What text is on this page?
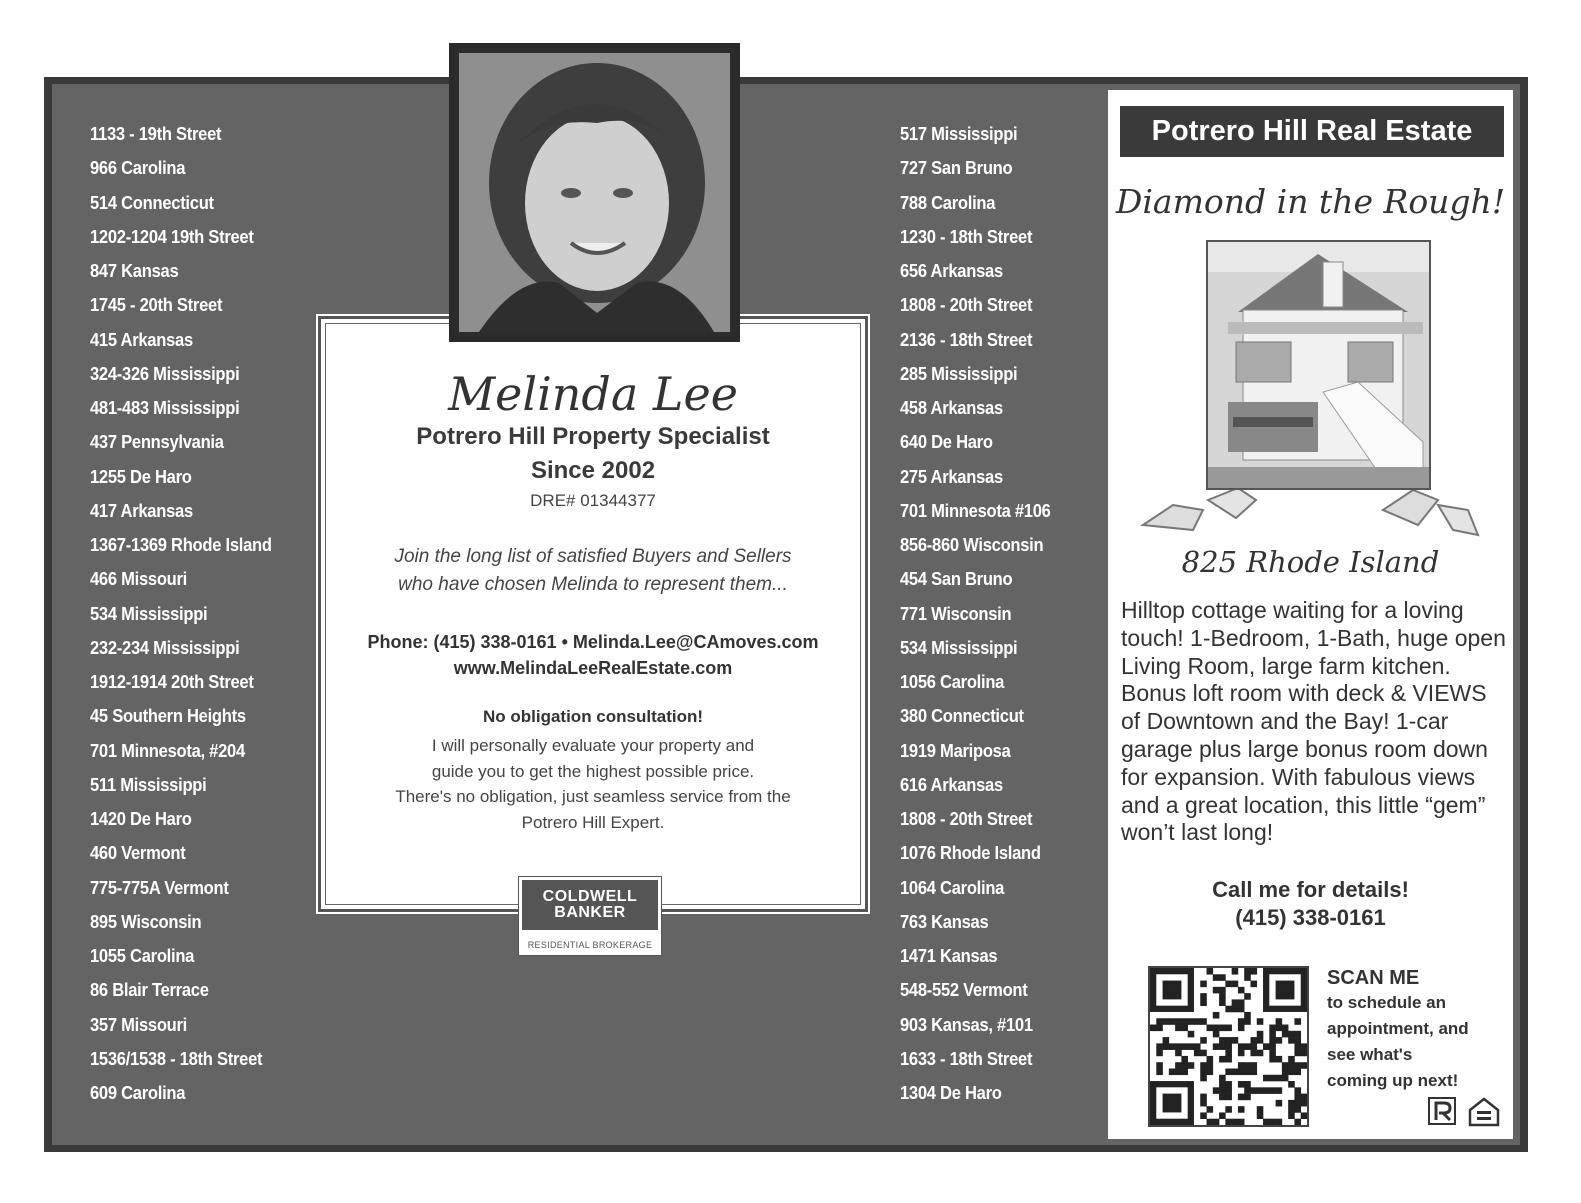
1133 - 19th Street
966 Carolina
514 Connecticut
1202-1204 19th Street
847 Kansas
1745 - 20th Street
415 Arkansas
324-326 Mississippi
481-483 Mississippi
437 Pennsylvania
1255 De Haro
417 Arkansas
1367-1369 Rhode Island
466 Missouri
534 Mississippi
232-234 Mississippi
1912-1914 20th Street
45 Southern Heights
701 Minnesota, #204
511 Mississippi
1420 De Haro
460 Vermont
775-775A Vermont
895 Wisconsin
1055 Carolina
86 Blair Terrace
357 Missouri
1536/1538 - 18th Street
609 Carolina
517 Mississippi
727 San Bruno
788 Carolina
1230 - 18th Street
656 Arkansas
1808 - 20th Street
2136 - 18th Street
285 Mississippi
458 Arkansas
640 De Haro
275 Arkansas
701 Minnesota #106
856-860 Wisconsin
454 San Bruno
771 Wisconsin
534 Mississippi
1056 Carolina
380 Connecticut
1919 Mariposa
616 Arkansas
1808 - 20th Street
1076 Rhode Island
1064 Carolina
763 Kansas
1471 Kansas
548-552 Vermont
903 Kansas, #101
1633 - 18th Street
1304 De Haro
Melinda Lee
Potrero Hill Property Specialist
Since 2002
DRE# 01344377
Join the long list of satisfied Buyers and Sellers
who have chosen Melinda to represent them...
Phone: (415) 338-0161 • Melinda.Lee@CAmoves.com
www.MelindaLeeRealEstate.com
No obligation consultation!
I will personally evaluate your property and
guide you to get the highest possible price.
There's no obligation, just seamless service from the
Potrero Hill Expert.
COLDWELL
BANKER
RESIDENTIAL BROKERAGE
Potrero Hill Real Estate
Diamond in the Rough!
825 Rhode Island
Hilltop cottage waiting for a loving touch! 1-Bedroom, 1-Bath, huge open Living Room, large farm kitchen. Bonus loft room with deck & VIEWS of Downtown and the Bay! 1-car garage plus large bonus room down for expansion. With fabulous views and a great location, this little “gem” won’t last long!
Call me for details!
(415) 338-0161
SCAN ME
to schedule an
appointment, and
see what's
coming up next!
